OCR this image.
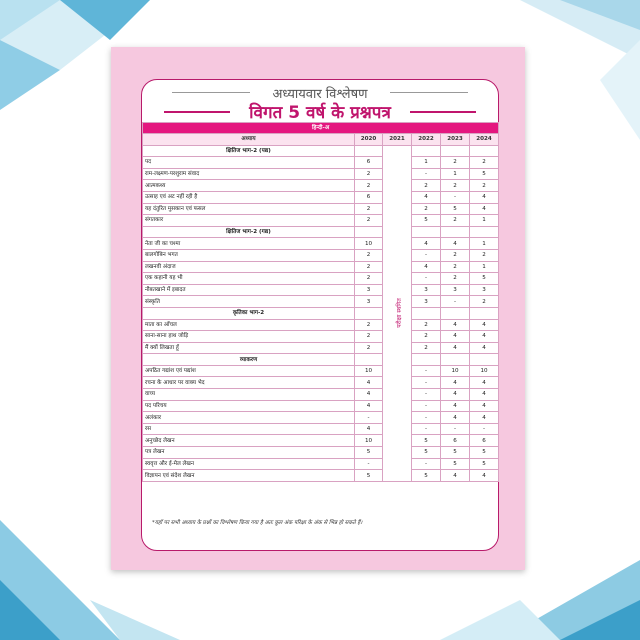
अध्यायवार विश्लेषण
विगत 5 वर्ष के प्रश्नपत्र
हिन्दी-अ					
अध्याय	2020	2021	2022	2023	2024
क्षितिज भाग-2 (पद्य)		परीक्षा स्थगित			
पद	6		1	2	2
राम-लक्ष्मण-परशुराम संवाद	2		-	1	5
आत्मकथ्य	2		2	2	2
उत्साह एवं अट नहीं रही है	6		4	-	4
यह दंतुरित मुसकान एवं फसल	2		2	5	4
संगतकार	2		5	2	1
क्षितिज भाग-2 (गद्य)					
नेता जी का चश्मा	10		4	4	1
बालगोबिन भगत	2		-	2	2
लखनवी अंदाज	2		4	2	1
एक कहानी यह भी	2		-	2	5
नौबतखाने में इबादत	3		3	3	3
संस्कृति	3		3	-	2
कृतिका भाग-2					
माता का आँचल	2		2	4	4
साना-साना हाथ जोड़ि	2		2	4	4
मैं क्यों लिखता हूँ	2		2	4	4
व्याकरण					
अपठित गद्यांश एवं पद्यांश	10		-	10	10
रचना के आधार पर वाक्य भेद	4		-	4	4
वाच्य	4		-	4	4
पद परिचय	4		-	4	4
अलंकार	-		-	4	4
रस	4		-	-	-
अनुच्छेद लेखन	10		5	6	6
पत्र लेखन	5		5	5	5
स्ववृत्त और ई-मेल लेखन	-		-	5	5
विज्ञापन एवं संदेश लेखन	5		5	4	4
*यहाँ पर सभी अध्याय के प्रश्नों का विश्लेषण किया गया है अतः कुल अंक परिक्षा के अंक से भिन्न हो सकते हैं।
